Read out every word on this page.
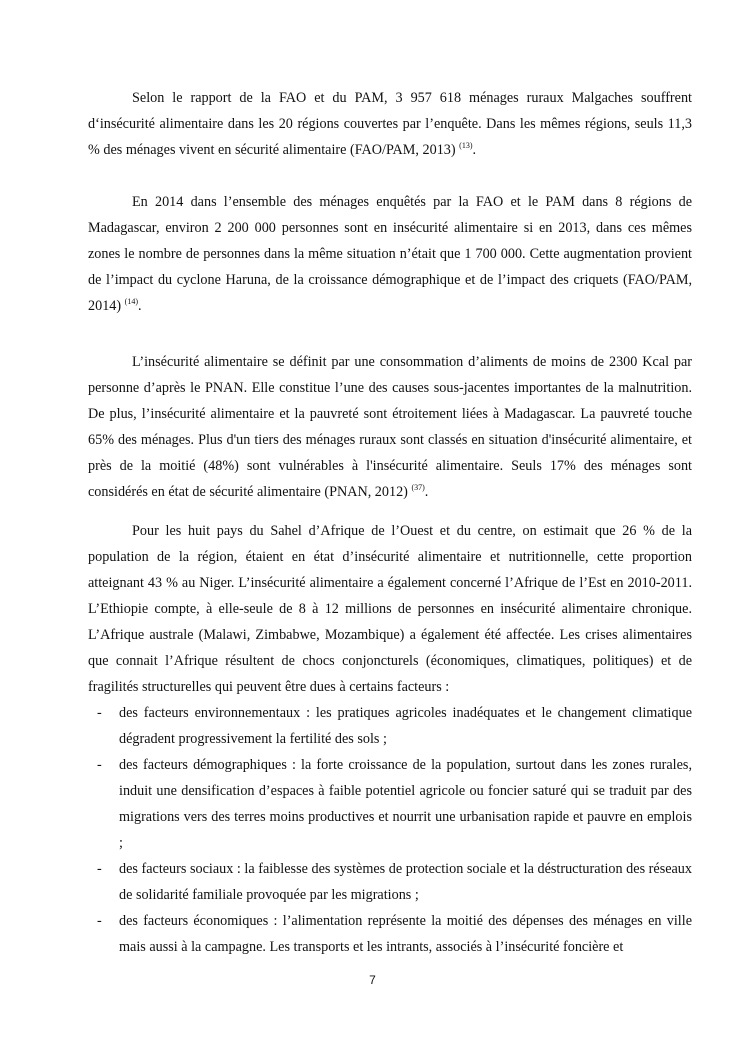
Selon le rapport de la FAO et du PAM, 3 957 618 ménages ruraux Malgaches souffrent d‘insécurité alimentaire dans les 20 régions couvertes par l’enquête. Dans les mêmes régions, seuls 11,3 % des ménages vivent en sécurité alimentaire (FAO/PAM, 2013) $^{(13)}$.

En 2014 dans l’ensemble des ménages enquêtés par la FAO et le PAM dans 8 régions de Madagascar, environ 2 200 000 personnes sont en insécurité alimentaire si en 2013, dans ces mêmes zones le nombre de personnes dans la même situation n’était que 1 700 000. Cette augmentation provient de l’impact du cyclone Haruna, de la croissance démographique et de l’impact des criquets (FAO/PAM, 2014) $^{(14)}$.

L’insécurité alimentaire se définit par une consommation d’aliments de moins de 2300 Kcal par personne d’après le PNAN. Elle constitue l’une des causes sous-jacentes importantes de la malnutrition. De plus, l’insécurité alimentaire et la pauvreté sont étroitement liées à Madagascar. La pauvreté touche 65% des ménages. Plus d'un tiers des ménages ruraux sont classés en situation d'insécurité alimentaire, et près de la moitié (48%) sont vulnérables à l'insécurité alimentaire. Seuls 17% des ménages sont considérés en état de sécurité alimentaire (PNAN, 2012) $^{(37)}$.

Pour les huit pays du Sahel d’Afrique de l’Ouest et du centre, on estimait que 26 % de la population de la région, étaient en état d’insécurité alimentaire et nutritionnelle, cette proportion atteignant 43 % au Niger. L’insécurité alimentaire a également concerné l’Afrique de l’Est en 2010-2011. L’Ethiopie compte, à elle-seule de 8 à 12 millions de personnes en insécurité alimentaire chronique. L’Afrique australe (Malawi, Zimbabwe, Mozambique) a également été affectée. Les crises alimentaires que connait l’Afrique résultent de chocs conjoncturels (économiques, climatiques, politiques) et de fragilités structurelles qui peuvent être dues à certains facteurs :

- des facteurs environnementaux : les pratiques agricoles inadéquates et le changement climatique dégradent progressivement la fertilité des sols ;
- des facteurs démographiques : la forte croissance de la population, surtout dans les zones rurales, induit une densification d’espaces à faible potentiel agricole ou foncier saturé qui se traduit par des migrations vers des terres moins productives et nourrit une urbanisation rapide et pauvre en emplois ;
- des facteurs sociaux : la faiblesse des systèmes de protection sociale et la déstructuration des réseaux de solidarité familiale provoquée par les migrations ;
- des facteurs économiques : l’alimentation représente la moitié des dépenses des ménages en ville mais aussi à la campagne. Les transports et les intrants, associés à l’insécurité foncière et
7
